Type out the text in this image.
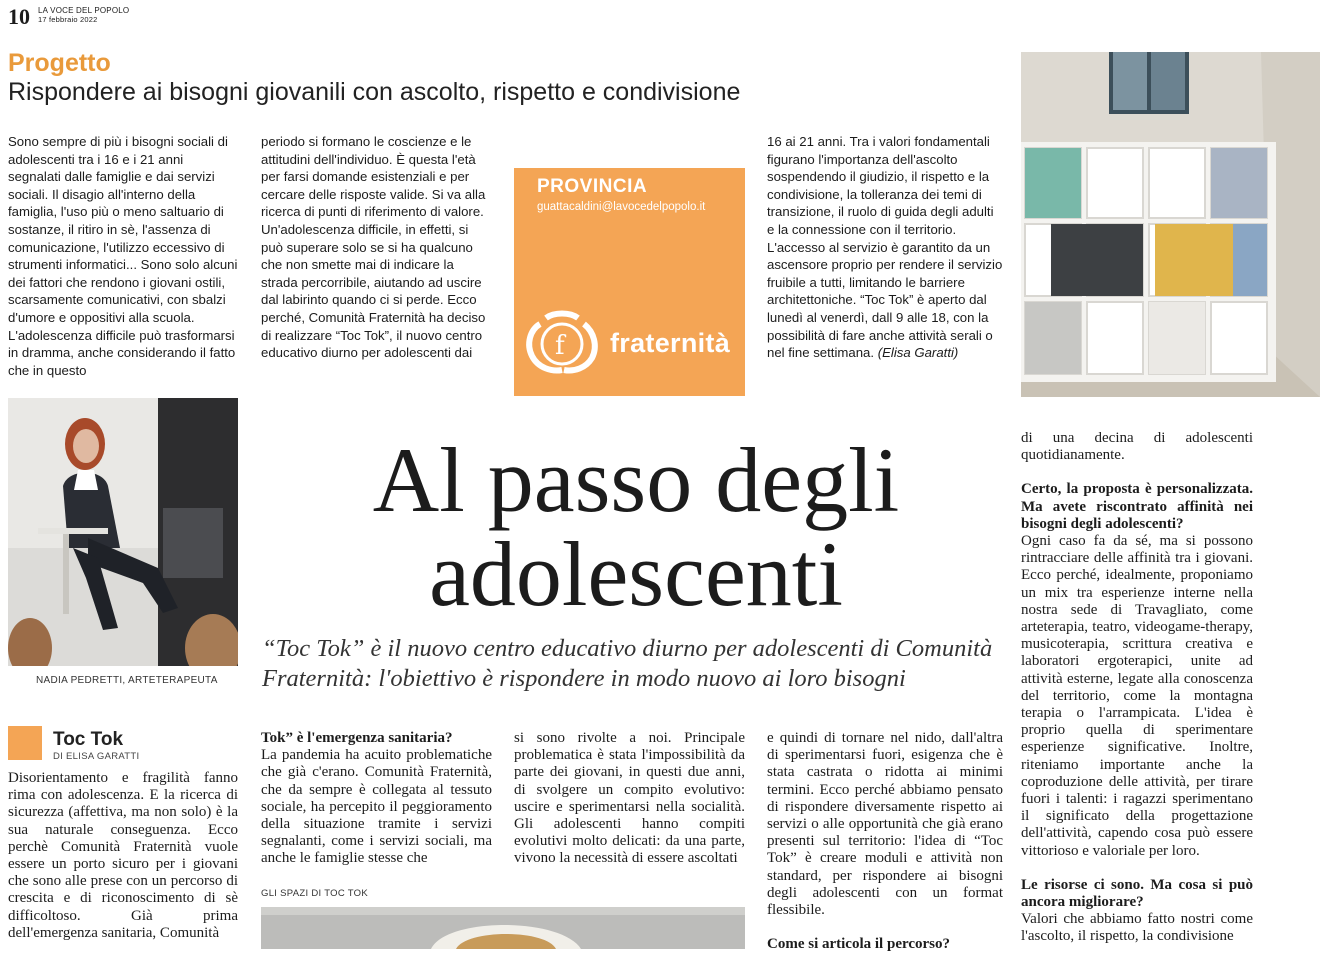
10 LA VOCE DEL POPOLO
17 febbraio 2022
Progetto
Rispondere ai bisogni giovanili con ascolto, rispetto e condivisione
Sono sempre di più i bisogni sociali di adolescenti tra i 16 e i 21 anni segnalati dalle famiglie e dai servizi sociali. Il disagio all'interno della famiglia, l'uso più o meno saltuario di sostanze, il ritiro in sè, l'assenza di comunicazione, l'utilizzo eccessivo di strumenti informatici... Sono solo alcuni dei fattori che rendono i giovani ostili, scarsamente comunicativi, con sbalzi d'umore e oppositivi alla scuola. L'adolescenza difficile può trasformarsi in dramma, anche considerando il fatto che in questo
periodo si formano le coscienze e le attitudini dell'individuo. È questa l'età per farsi domande esistenziali e per cercare delle risposte valide. Si va alla ricerca di punti di riferimento di valore. Un'adolescenza difficile, in effetti, si può superare solo se si ha qualcuno che non smette mai di indicare la strada percorribile, aiutando ad uscire dal labirinto quando ci si perde. Ecco perché, Comunità Fraternità ha deciso di realizzare “Toc Tok”, il nuovo centro educativo diurno per adolescenti dai
16 ai 21 anni. Tra i valori fondamentali figurano l'importanza dell'ascolto sospendendo il giudizio, il rispetto e la condivisione, la tolleranza dei temi di transizione, il ruolo di guida degli adulti e la connessione con il territorio. L'accesso al servizio è garantito da un ascensore proprio per rendere il servizio fruibile a tutti, limitando le barriere architettoniche. “Toc Tok” è aperto dal lunedì al venerdì, dall 9 alle 18, con la possibilità di fare anche attività serali o nel fine settimana. (Elisa Garatti)
PROVINCIA
guattacaldini@lavocedelpopolo.it
f fraternità
NADIA PEDRETTI, ARTETERAPEUTA
Al passo degli
adolescenti
“Toc Tok” è il nuovo centro educativo diurno per adolescenti di Comunità Fraternità: l'obiettivo è rispondere in modo nuovo ai loro bisogni
Toc Tok
DI ELISA GARATTI
Disorientamento e fragilità fanno rima con adolescenza. E la ricerca di sicurezza (affettiva, ma non solo) è la sua naturale conseguenza. Ecco perchè Comunità Fraternità vuole essere un porto sicuro per i giovani che sono alle prese con un percorso di crescita e di riconoscimento di sè difficoltoso. Già prima dell'emergenza sanitaria, Comunità

Tok” è l'emergenza sanitaria?

La pandemia ha acuito problematiche che già c'erano. Comunità Fraternità, che da sempre è collegata al tessuto sociale, ha percepito il peggioramento della situazione tramite i servizi segnalanti, come i servizi sociali, ma anche le famiglie stesse che

si sono rivolte a noi. Principale problematica è stata l'impossibilità da parte dei giovani, in questi due anni, di svolgere un compito evolutivo: uscire e sperimentarsi nella socialità. Gli adolescenti hanno compiti evolutivi molto delicati: da una parte, vivono la necessità di essere ascoltati

e quindi di tornare nel nido, dall'altra di sperimentarsi fuori, esigenza che è stata castrata o ridotta ai minimi termini. Ecco perché abbiamo pensato di rispondere diversamente rispetto ai servizi o alle opportunità che già erano presenti sul territorio: l'idea di “Toc Tok” è creare moduli e attività non standard, per rispondere ai bisogni degli adolescenti con un format flessibile.

Come si articola il percorso?

di una decina di adolescenti quotidianamente.

Certo, la proposta è personalizzata. Ma avete riscontrato affinità nei bisogni degli adolescenti?

Ogni caso fa da sé, ma si possono rintracciare delle affinità tra i giovani. Ecco perché, idealmente, proponiamo un mix tra esperienze interne nella nostra sede di Travagliato, come arteterapia, teatro, videogame-therapy, musicoterapia, scrittura creativa e laboratori ergoterapici, unite ad attività esterne, legate alla conoscenza del territorio, come la montagna terapia o l'arrampicata. L'idea è proprio quella di sperimentare esperienze significative. Inoltre, riteniamo importante anche la coproduzione delle attività, per tirare fuori i talenti: i ragazzi sperimentano il significato della progettazione dell'attività, capendo cosa può essere vittorioso e valoriale per loro.

Le risorse ci sono. Ma cosa si può ancora migliorare?

Valori che abbiamo fatto nostri come l'ascolto, il rispetto, la condivisione

GLI SPAZI DI TOC TOK
